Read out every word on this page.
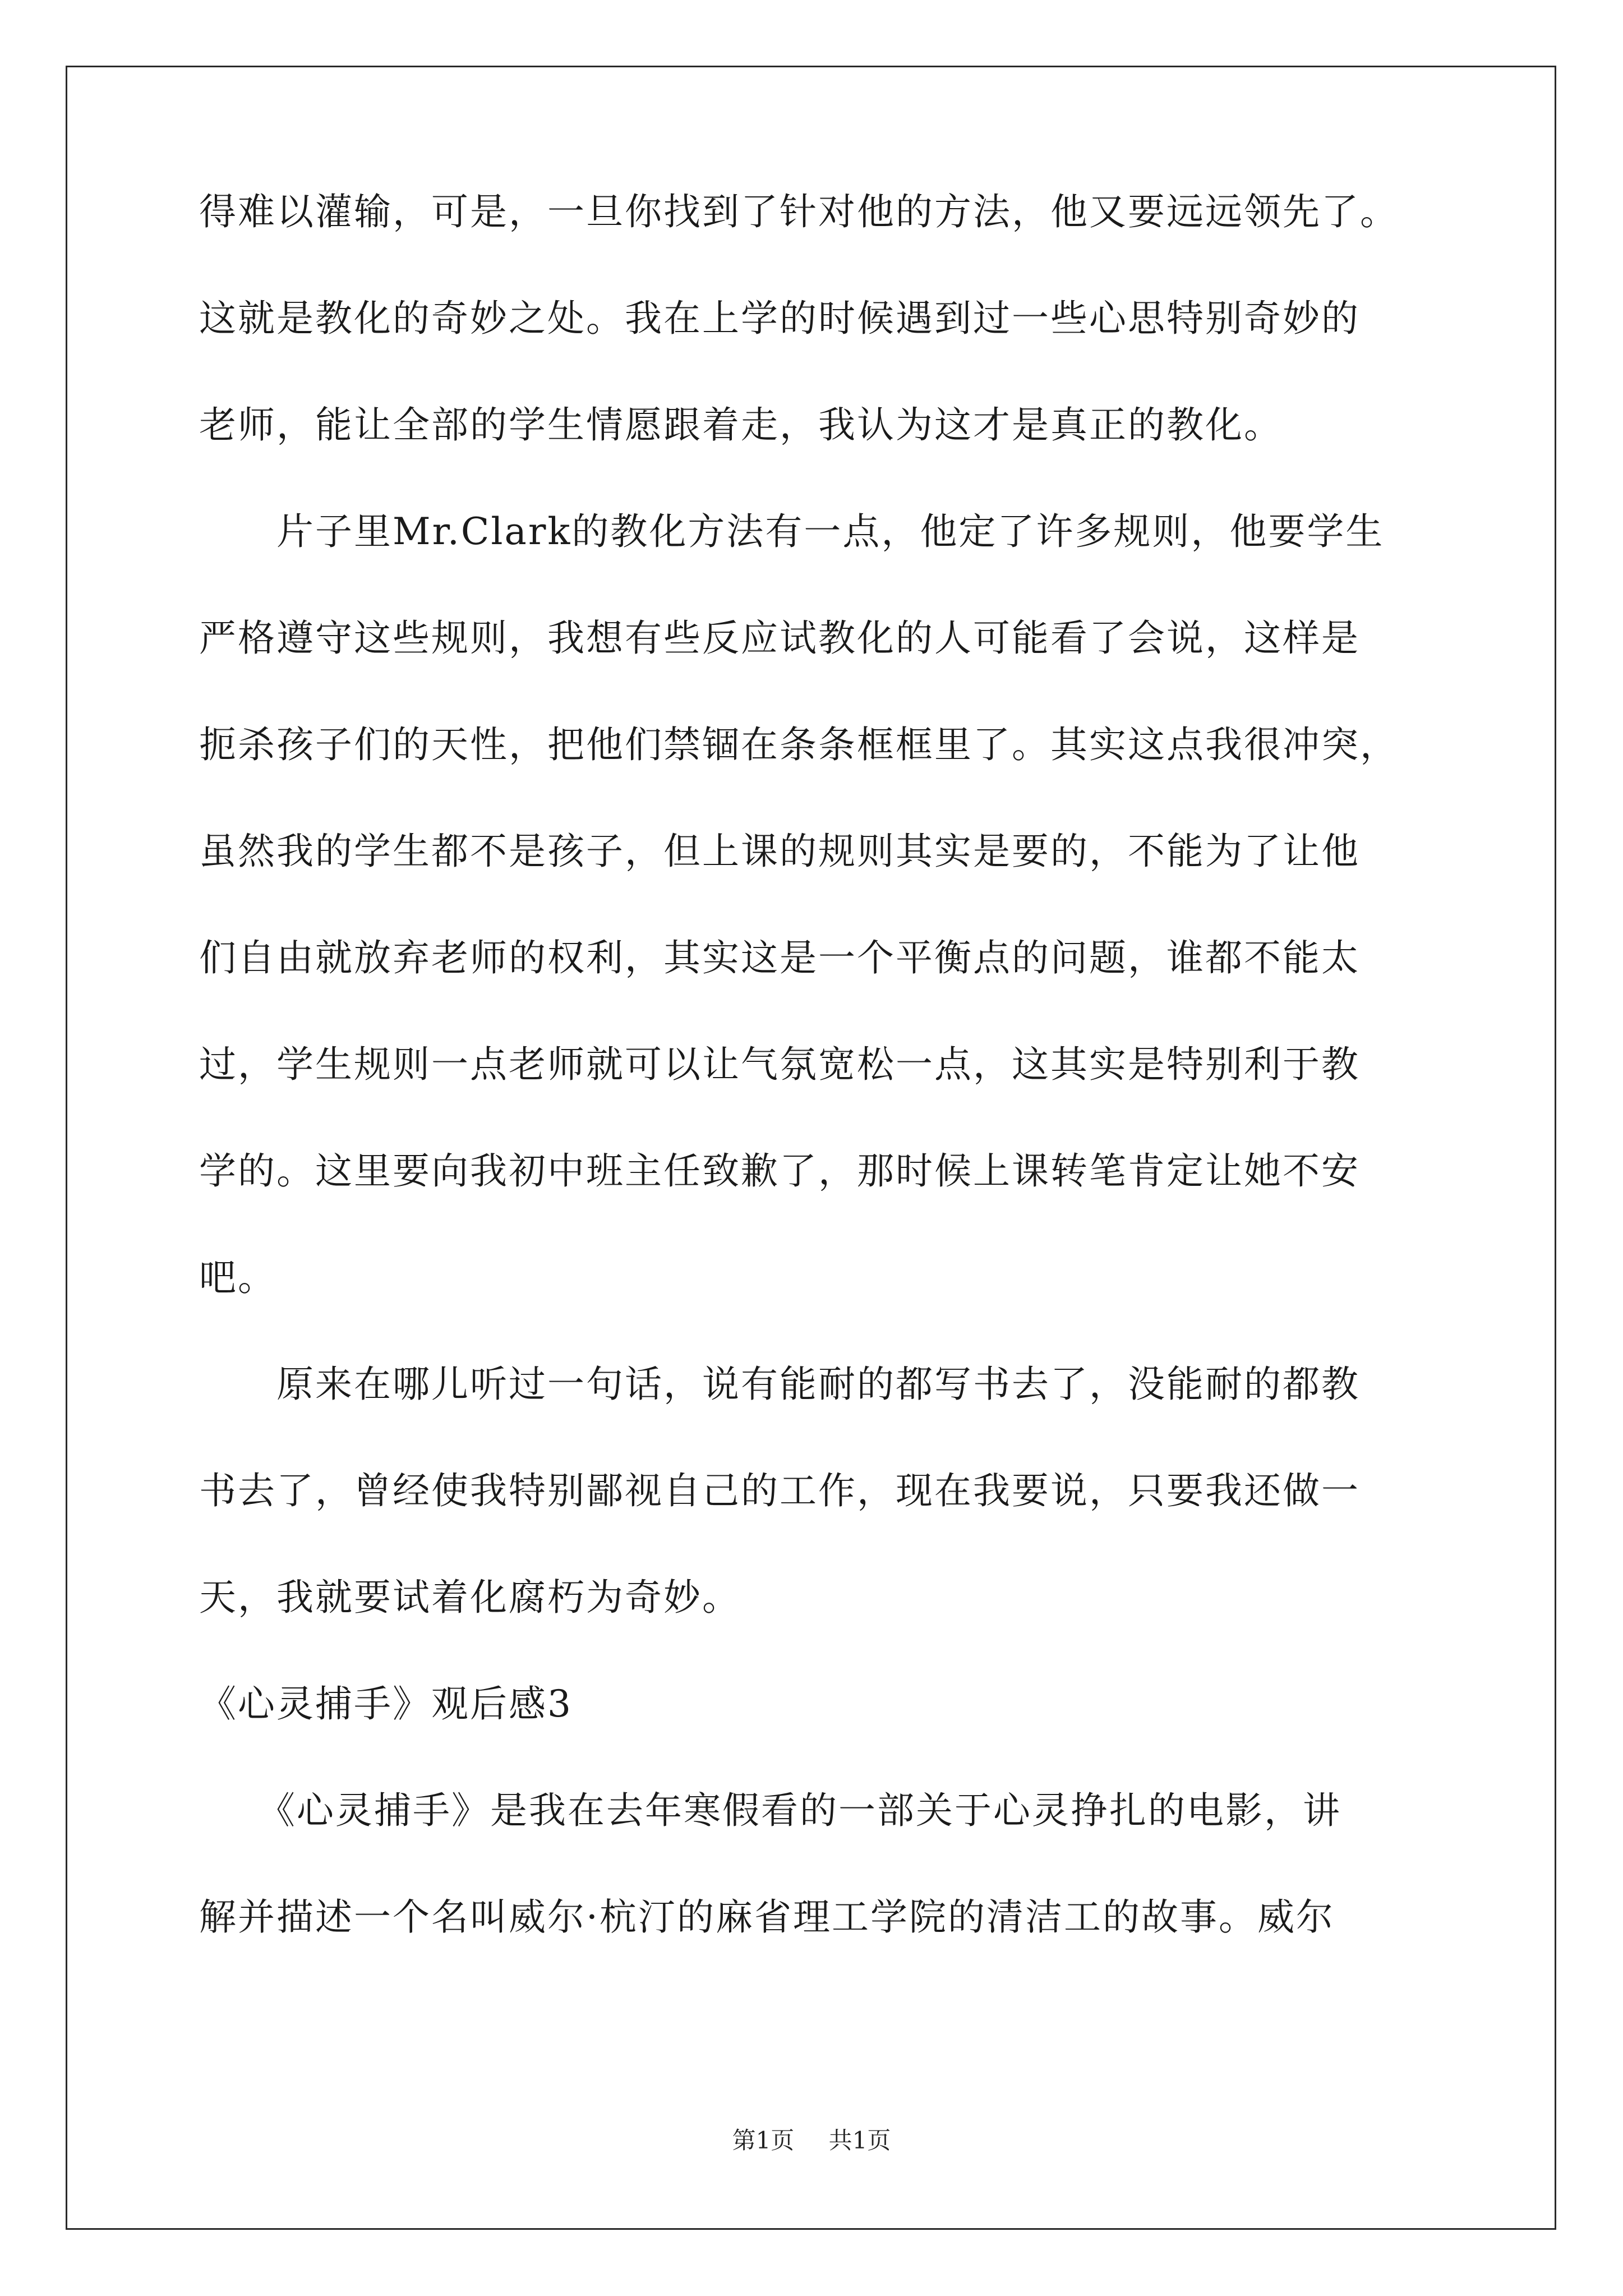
得难以灌输，可是，一旦你找到了针对他的方法，他又要远远领先了。
这就是教化的奇妙之处。我在上学的时候遇到过一些心思特别奇妙的
老师，能让全部的学生情愿跟着走，我认为这才是真正的教化。
　　片子里Mr.Clark的教化方法有一点，他定了许多规则，他要学生
严格遵守这些规则，我想有些反应试教化的人可能看了会说，这样是
扼杀孩子们的天性，把他们禁锢在条条框框里了。其实这点我很冲突，
虽然我的学生都不是孩子，但上课的规则其实是要的，不能为了让他
们自由就放弃老师的权利，其实这是一个平衡点的问题，谁都不能太
过，学生规则一点老师就可以让气氛宽松一点，这其实是特别利于教
学的。这里要向我初中班主任致歉了，那时候上课转笔肯定让她不安
吧。
　　原来在哪儿听过一句话，说有能耐的都写书去了，没能耐的都教
书去了，曾经使我特别鄙视自己的工作，现在我要说，只要我还做一
天，我就要试着化腐朽为奇妙。
《心灵捕手》观后感3
　　《心灵捕手》是我在去年寒假看的一部关于心灵挣扎的电影，讲
解并描述一个名叫威尔·杭汀的麻省理工学院的清洁工的故事。威尔
第1页 共1页
